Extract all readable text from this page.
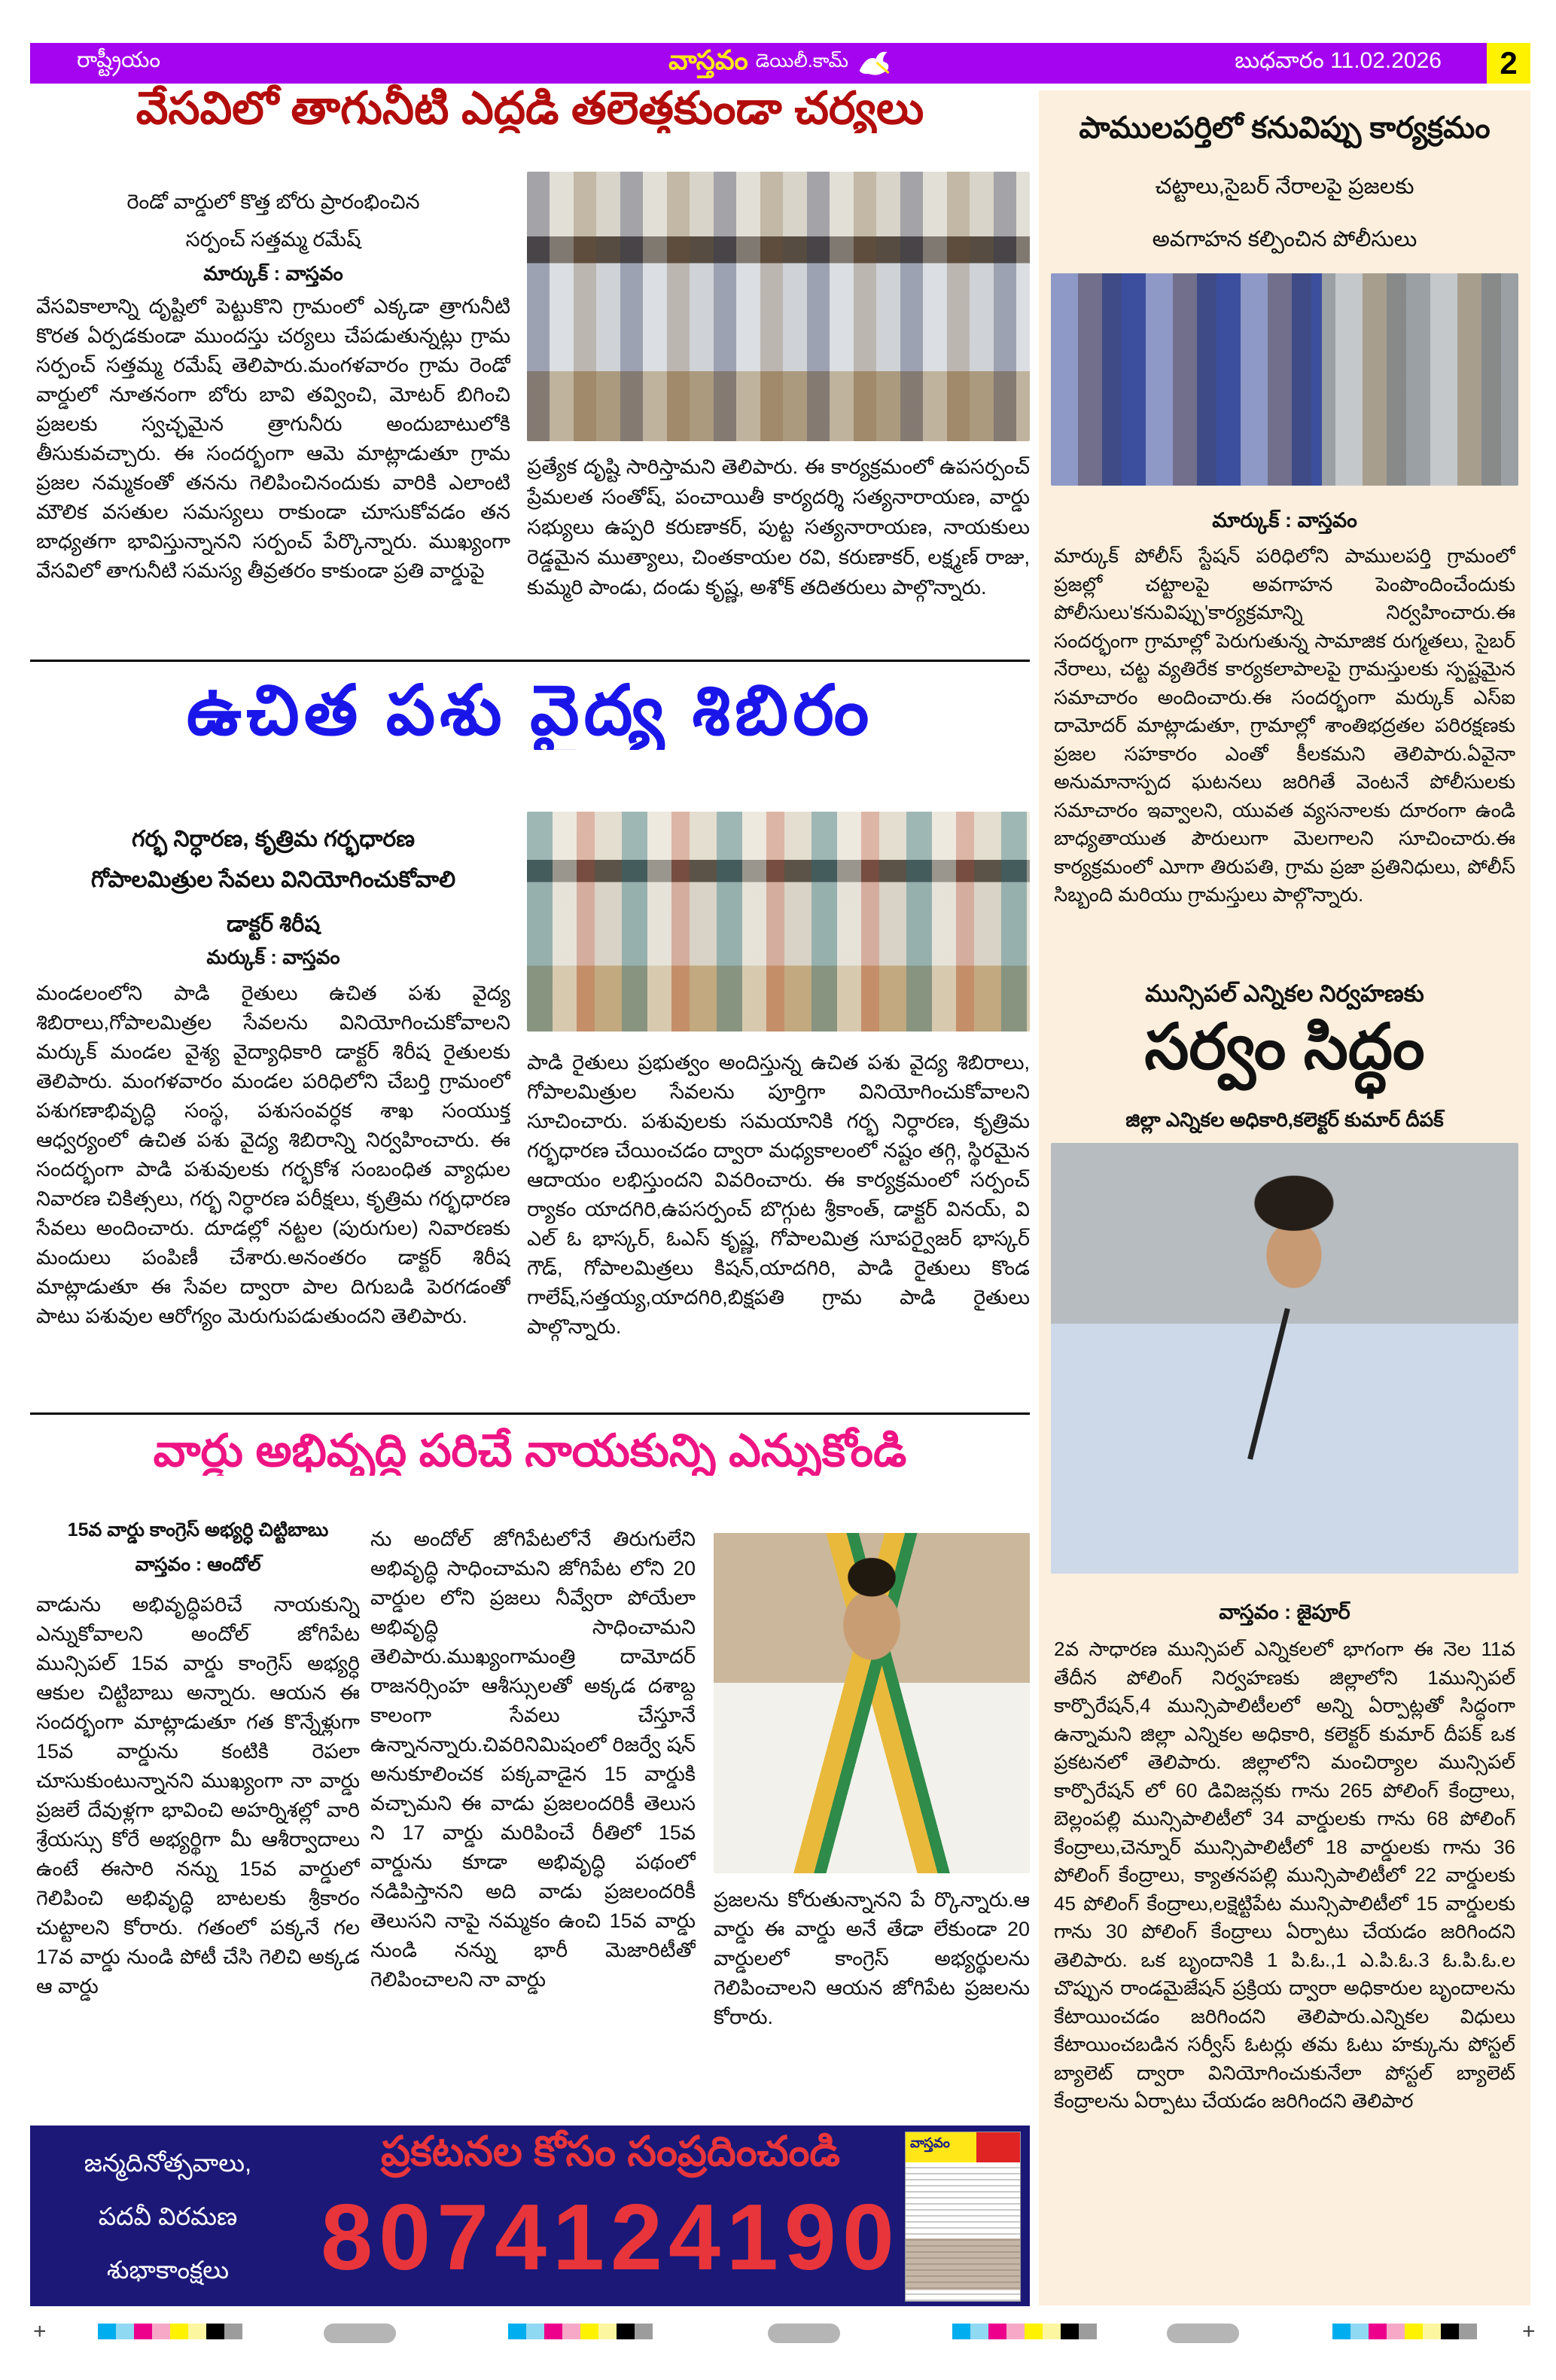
రాష్ట్రీయం	వాస్తవం డెయిలీ.కామ్	బుధవారం 11.02.2026	2
వేసవిలో తాగునీటి ఎద్దడి తలెత్తకుండా చర్యలు
రెండో వార్డులో కొత్త బోరు ప్రారంభించిన
సర్పంచ్ సత్తమ్మ రమేష్
మార్కుక్ : వాస్తవం
వేసవికాలాన్ని దృష్టిలో పెట్టుకొని గ్రామంలో ఎక్కడా త్రాగునీటి కొరత ఏర్పడకుండా ముందస్తు చర్యలు చేపడుతున్నట్లు గ్రామ సర్పంచ్ సత్తమ్మ రమేష్ తెలిపారు.మంగళవారం గ్రామ రెండో వార్డులో నూతనంగా బోరు బావి తవ్వించి, మోటర్ బిగించి ప్రజలకు స్వచ్ఛమైన త్రాగునీరు అందుబాటులోకి తీసుకువచ్చారు. ఈ సందర్భంగా ఆమె మాట్లాడుతూ గ్రామ ప్రజల నమ్మకంతో తనను గెలిపించినందుకు వారికి ఎలాంటి మౌలిక వసతుల సమస్యలు రాకుండా చూసుకోవడం తన బాధ్యతగా భావిస్తున్నానని సర్పంచ్ పేర్కొన్నారు. ముఖ్యంగా వేసవిలో తాగునీటి సమస్య తీవ్రతరం కాకుండా ప్రతి వార్డుపై
ప్రత్యేక దృష్టి సారిస్తామని తెలిపారు. ఈ కార్యక్రమంలో ఉపసర్పంచ్ ప్రేమలత సంతోష్, పంచాయితీ కార్యదర్శి సత్యనారాయణ, వార్డు సభ్యులు ఉప్పరి కరుణాకర్, పుట్ట సత్యనారాయణ, నాయకులు రెడ్డమైన ముత్యాలు, చింతకాయల రవి, కరుణాకర్, లక్ష్మణ్ రాజు, కుమ్మరి పాండు, దండు కృష్ణ, అశోక్ తదితరులు పాల్గొన్నారు.
ఉచిత పశు వైద్య శిబిరం
గర్భ నిర్ధారణ, కృత్రిమ గర్భధారణ
గోపాలమిత్రుల సేవలు వినియోగించుకోవాలి
డాక్టర్ శిరీష
మర్కుక్ : వాస్తవం
మండలంలోని పాడి రైతులు ఉచిత పశు వైద్య శిబిరాలు,గోపాలమిత్రల సేవలను వినియోగించుకోవాలని మర్కుక్ మండల వైశ్య వైద్యాధికారి డాక్టర్ శిరీష రైతులకు తెలిపారు. మంగళవారం మండల పరిధిలోని చేబర్తి గ్రామంలో పశుగణాభివృద్ధి సంస్థ, పశుసంవర్ధక శాఖ సంయుక్త ఆధ్వర్యంలో ఉచిత పశు వైద్య శిబిరాన్ని నిర్వహించారు. ఈ సందర్భంగా పాడి పశువులకు గర్భకోశ సంబంధిత వ్యాధుల నివారణ చికిత్సలు, గర్భ నిర్ధారణ పరీక్షలు, కృత్రిమ గర్భధారణ సేవలు అందించారు. దూడల్లో నట్టల (పురుగుల) నివారణకు మందులు పంపిణీ చేశారు.అనంతరం డాక్టర్ శిరీష మాట్లాడుతూ ఈ సేవల ద్వారా పాల దిగుబడి పెరగడంతో పాటు పశువుల ఆరోగ్యం మెరుగుపడుతుందని తెలిపారు.
పాడి రైతులు ప్రభుత్వం అందిస్తున్న ఉచిత పశు వైద్య శిబిరాలు, గోపాలమిత్రుల సేవలను పూర్తిగా వినియోగించుకోవాలని సూచించారు. పశువులకు సమయానికి గర్భ నిర్ధారణ, కృత్రిమ గర్భధారణ చేయించడం ద్వారా మధ్యకాలంలో నష్టం తగ్గి, స్థిరమైన ఆదాయం లభిస్తుందని వివరించారు. ఈ కార్యక్రమంలో సర్పంచ్ ర్యాకం యాదగిరి,ఉపసర్పంచ్ బొగ్గుట శ్రీకాంత్, డాక్టర్ వినయ్, వి ఎల్ ఓ భాస్కర్, ఓఎస్ కృష్ణ, గోపాలమిత్ర సూపర్వైజర్ భాస్కర్ గౌడ్, గోపాలమిత్రలు కిషన్,యాదగిరి, పాడి రైతులు కొండ గాలేష్,సత్తయ్య,యాదగిరి,బిక్షపతి గ్రామ పాడి రైతులు పాల్గొన్నారు.
వార్డు అభివృద్ధి పరిచే నాయకున్ని ఎన్నుకోండి
15వ వార్డు కాంగ్రెస్ అభ్యర్ధి చిట్టిబాబు
వాస్తవం : ఆందోల్
వాడును అభివృద్ధిపరిచే నాయకున్ని ఎన్నుకోవాలని అందోల్ జోగిపేట మున్సిపల్ 15వ వార్డు కాంగ్రెస్ అభ్యర్ధి ఆకుల చిట్టిబాబు అన్నారు. ఆయన ఈ సందర్భంగా మాట్లాడుతూ గత కొన్నేళ్లుగా 15వ వార్డును కంటికి రెపలా చూసుకుంటున్నానని ముఖ్యంగా నా వార్డు ప్రజలే దేవుళ్లగా భావించి అహర్నిశల్లో వారి శ్రేయస్సు కోరే అభ్యర్థిగా మీ ఆశీర్వాదాలు ఉంటే ఈసారి నన్ను 15వ వార్డులో గెలిపించి అభివృద్ధి బాటలకు శ్రీకారం చుట్టాలని కోరారు. గతంలో పక్కనే గల 17వ వార్డు నుండి పోటీ చేసి గెలిచి అక్కడ ఆ వార్డు
ను అందోల్ జోగిపేటలోనే తిరుగులేని అభివృద్ధి సాధించామని జోగిపేట లోని 20 వార్డుల లోని ప్రజలు నీవ్వేరా పోయేలా అభివృద్ధి సాధించామని తెలిపారు.ముఖ్యంగామంత్రి దామోదర్ రాజనర్సింహ ఆశీస్సులతో అక్కడ దశాబ్ద కాలంగా సేవలు చేస్తూనే ఉన్నానన్నారు.చివరినిమిషంలో రిజర్వే షన్ అనుకూలించక పక్కవాడైన 15 వార్డుకి వచ్చామని ఈ వాడు ప్రజలందరికీ తెలుస ని 17 వార్డు మరిపించే రీతిలో 15వ వార్డును కూడా అభివృద్ధి పథంలో నడిపిస్తానని అది వాడు ప్రజలందరికీ తెలుసని నాపై నమ్మకం ఉంచి 15వ వార్డు నుండి నన్ను భారీ మెజారిటీతో గెలిపించాలని నా వార్డు
ప్రజలను కోరుతున్నానని పే ర్కొన్నారు.ఆ వార్డు ఈ వార్డు అనే తేడా లేకుండా 20 వార్డులలో కాంగ్రెస్ అభ్యర్థులను గెలిపించాలని ఆయన జోగిపేట ప్రజలను కోరారు.
జన్మదినోత్సవాలు,
పదవీ విరమణ
శుభాకాంక్షలు
ప్రకటనల కోసం సంప్రదించండి
8074124190
వాస్తవం
పాములపర్తిలో కనువిప్పు కార్యక్రమం
చట్టాలు,సైబర్ నేరాలపై ప్రజలకు
అవగాహన కల్పించిన పోలీసులు
మార్కుక్ : వాస్తవం
మార్కుక్ పోలీస్ స్టేషన్ పరిధిలోని పాములపర్తి గ్రామంలో ప్రజల్లో చట్టాలపై అవగాహన పెంపొందించేందుకు పోలీసులు'కనువిప్పు'కార్యక్రమాన్ని నిర్వహించారు.ఈ సందర్భంగా గ్రామాల్లో పెరుగుతున్న సామాజిక రుగ్మతలు, సైబర్ నేరాలు, చట్ట వ్యతిరేక కార్యకలాపాలపై గ్రామస్తులకు స్పష్టమైన సమాచారం అందించారు.ఈ సందర్భంగా మర్కుక్ ఎస్ఐ దామోదర్ మాట్లాడుతూ, గ్రామాల్లో శాంతిభద్రతల పరిరక్షణకు ప్రజల సహకారం ఎంతో కీలకమని తెలిపారు.ఏవైనా అనుమానాస్పద ఘటనలు జరిగితే వెంటనే పోలీసులకు సమాచారం ఇవ్వాలని, యువత వ్యసనాలకు దూరంగా ఉండి బాధ్యతాయుత పౌరులుగా మెలగాలని సూచించారు.ఈ కార్యక్రమంలో ఎూగా తిరుపతి, గ్రామ ప్రజా ప్రతినిధులు, పోలీస్ సిబ్బంది మరియు గ్రామస్తులు పాల్గొన్నారు.
మున్సిపల్ ఎన్నికల నిర్వహణకు
సర్వం సిద్ధం
జిల్లా ఎన్నికల అధికారి,కలెక్టర్ కుమార్ దీపక్
వాస్తవం : జైపూర్
2వ సాధారణ మున్సిపల్ ఎన్నికలలో భాగంగా ఈ నెల 11వ తేదీన పోలింగ్ నిర్వహణకు జిల్లాలోని 1మున్సిపల్ కార్పొరేషన్,4 మున్సిపాలిటీలలో అన్ని ఏర్పాట్లతో సిద్ధంగా ఉన్నామని జిల్లా ఎన్నికల అధికారి, కలెక్టర్ కుమార్ దీపక్ ఒక ప్రకటనలో తెలిపారు. జిల్లాలోని మంచిర్యాల మున్సిపల్ కార్పొరేషన్ లో 60 డివిజన్లకు గాను 265 పోలింగ్ కేంద్రాలు, బెల్లంపల్లి మున్సిపాలిటీలో 34 వార్డులకు గాను 68 పోలింగ్ కేంద్రాలు,చెన్నూర్ మున్సిపాలిటీలో 18 వార్డులకు గాను 36 పోలింగ్ కేంద్రాలు, క్యాతనపల్లి మున్సిపాలిటీలో 22 వార్డులకు 45 పోలింగ్ కేంద్రాలు,లక్షెట్టిపేట మున్సిపాలిటీలో 15 వార్డులకు గాను 30 పోలింగ్ కేంద్రాలు ఏర్పాటు చేయడం జరిగిందని తెలిపారు. ఒక బృందానికి 1 పి.ఓ.,1 ఎ.పి.ఓ.3 ఓ.పి.ఓ.ల చొప్పున రాండమైజేషన్ ప్రక్రియ ద్వారా అధికారుల బృందాలను కేటాయించడం జరిగిందని తెలిపారు.ఎన్నికల విధులు కేటాయించబడిన సర్వీస్ ఓటర్లు తమ ఓటు హక్కును పోస్టల్ బ్యాలెట్ ద్వారా వినియోగించుకునేలా పోస్టల్ బ్యాలెట్ కేంద్రాలను ఏర్పాటు చేయడం జరిగిందని తెలిపార
+	+
